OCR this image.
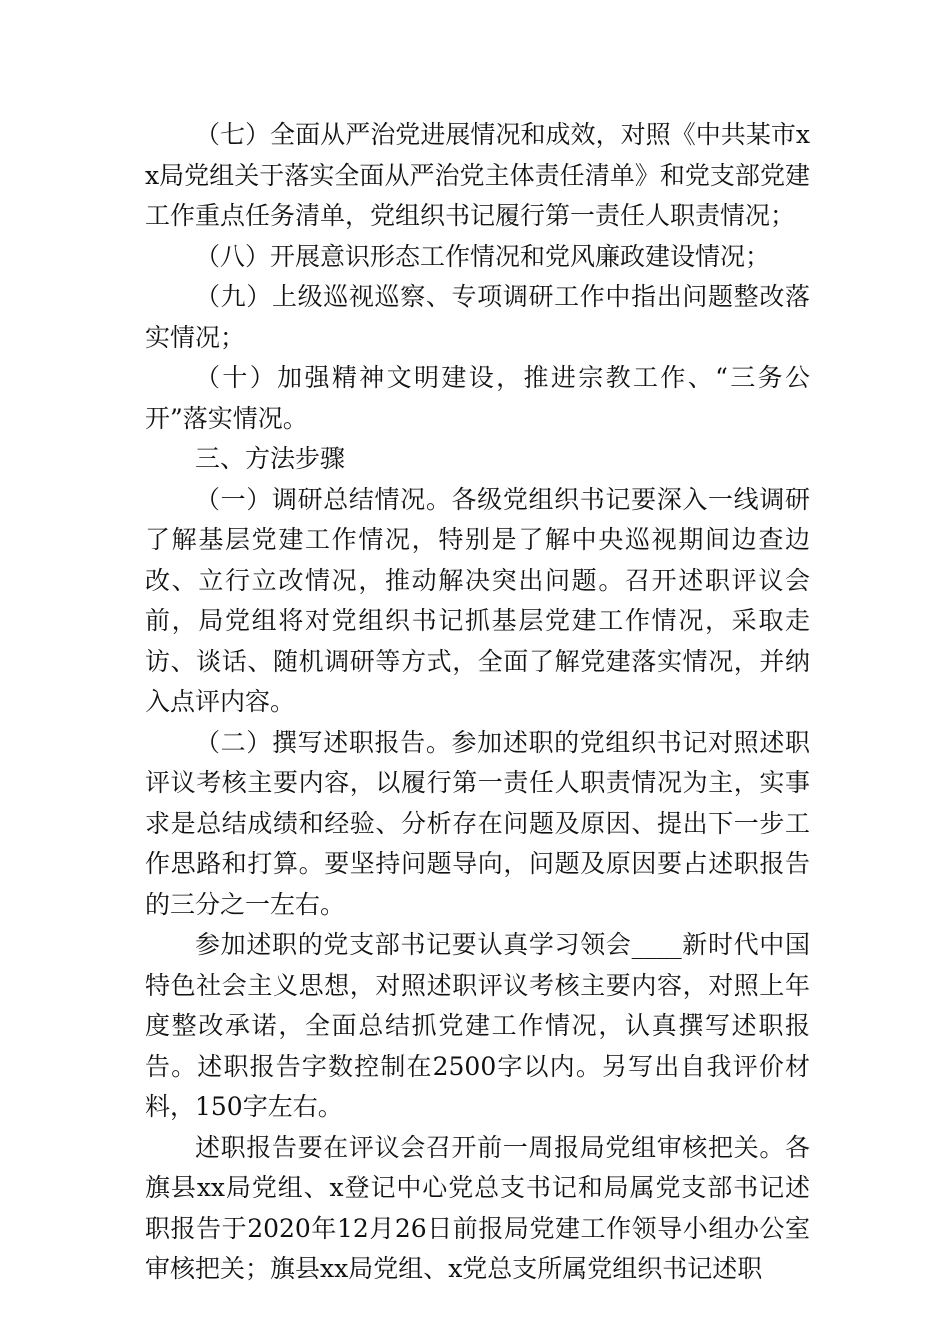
（七）全面从严治党进展情况和成效，对照《中共某市xx局党组关于落实全面从严治党主体责任清单》和党支部党建工作重点任务清单，党组织书记履行第一责任人职责情况；

（八）开展意识形态工作情况和党风廉政建设情况；

（九）上级巡视巡察、专项调研工作中指出问题整改落实情况；

（十）加强精神文明建设，推进宗教工作、“三务公开”落实情况。

三、方法步骤

（一）调研总结情况。各级党组织书记要深入一线调研了解基层党建工作情况，特别是了解中央巡视期间边查边改、立行立改情况，推动解决突出问题。召开述职评议会前，局党组将对党组织书记抓基层党建工作情况，采取走访、谈话、随机调研等方式，全面了解党建落实情况，并纳入点评内容。

（二）撰写述职报告。参加述职的党组织书记对照述职评议考核主要内容，以履行第一责任人职责情况为主，实事求是总结成绩和经验、分析存在问题及原因、提出下一步工作思路和打算。要坚持问题导向，问题及原因要占述职报告的三分之一左右。

参加述职的党支部书记要认真学习领会____新时代中国特色社会主义思想，对照述职评议考核主要内容，对照上年度整改承诺，全面总结抓党建工作情况，认真撰写述职报告。述职报告字数控制在2500字以内。另写出自我评价材料，150字左右。

述职报告要在评议会召开前一周报局党组审核把关。各旗县xx局党组、x登记中心党总支书记和局属党支部书记述职报告于2020年12月26日前报局党建工作领导小组办公室审核把关；旗县xx局党组、x党总支所属党组织书记述职
